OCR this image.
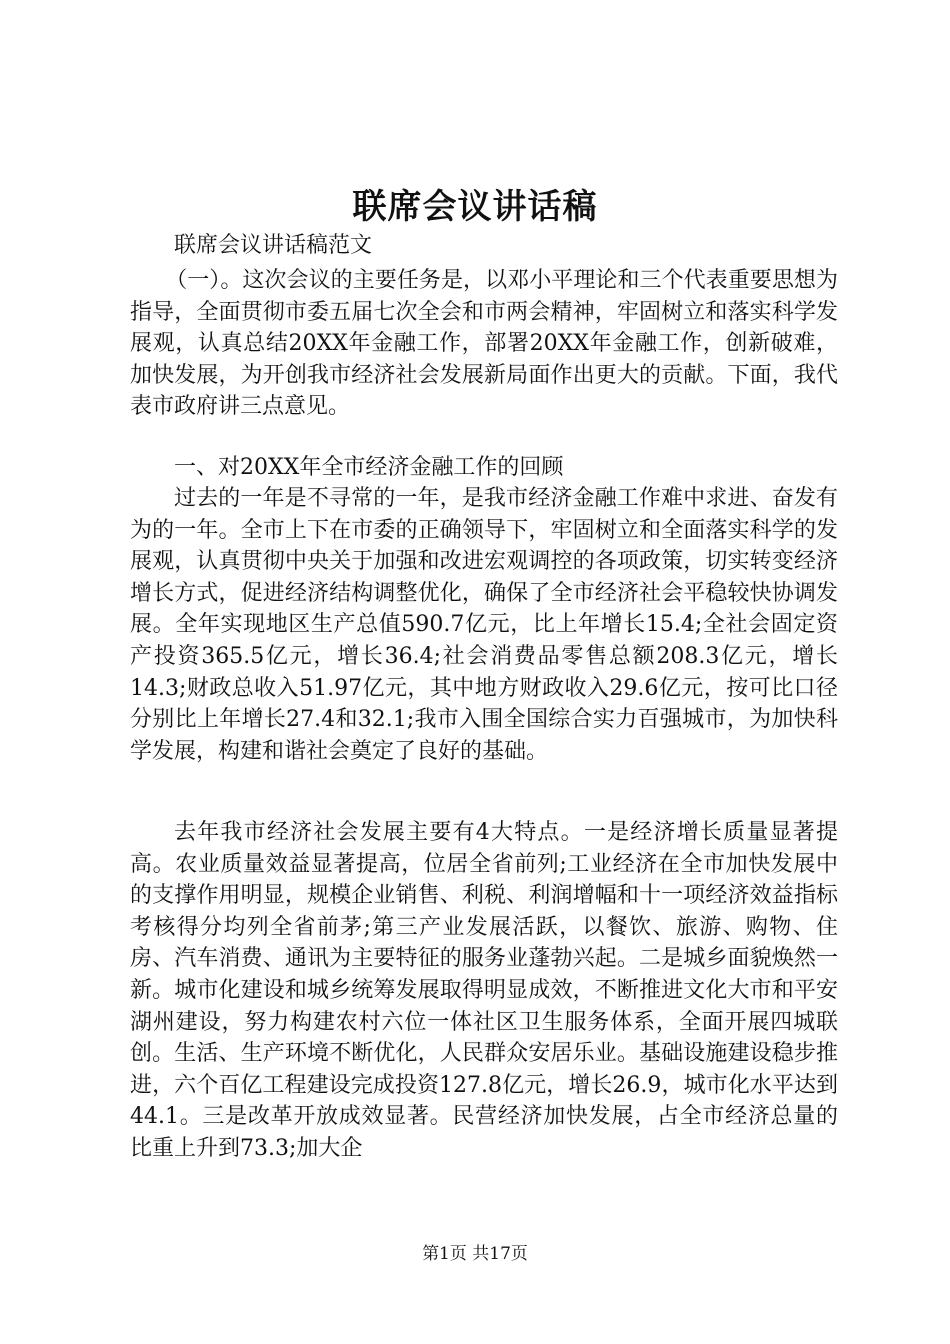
联席会议讲话稿

联席会议讲话稿范文

（一）。这次会议的主要任务是，以邓小平理论和三个代表重要思想为指导，全面贯彻市委五届七次全会和市两会精神，牢固树立和落实科学发展观，认真总结20XX年金融工作，部署20XX年金融工作，创新破难，加快发展，为开创我市经济社会发展新局面作出更大的贡献。下面，我代表市政府讲三点意见。

一、对20XX年全市经济金融工作的回顾

过去的一年是不寻常的一年，是我市经济金融工作难中求进、奋发有为的一年。全市上下在市委的正确领导下，牢固树立和全面落实科学的发展观，认真贯彻中央关于加强和改进宏观调控的各项政策，切实转变经济增长方式，促进经济结构调整优化，确保了全市经济社会平稳较快协调发展。全年实现地区生产总值590.7亿元，比上年增长15.4;全社会固定资产投资365.5亿元，增长36.4;社会消费品零售总额208.3亿元，增长14.3;财政总收入51.97亿元，其中地方财政收入29.6亿元，按可比口径分别比上年增长27.4和32.1;我市入围全国综合实力百强城市，为加快科学发展，构建和谐社会奠定了良好的基础。

去年我市经济社会发展主要有4大特点。一是经济增长质量显著提高。农业质量效益显著提高，位居全省前列;工业经济在全市加快发展中的支撑作用明显，规模企业销售、利税、利润增幅和十一项经济效益指标考核得分均列全省前茅;第三产业发展活跃，以餐饮、旅游、购物、住房、汽车消费、通讯为主要特征的服务业蓬勃兴起。二是城乡面貌焕然一新。城市化建设和城乡统筹发展取得明显成效，不断推进文化大市和平安湖州建设，努力构建农村六位一体社区卫生服务体系，全面开展四城联创。生活、生产环境不断优化，人民群众安居乐业。基础设施建设稳步推进，六个百亿工程建设完成投资127.8亿元，增长26.9，城市化水平达到44.1。三是改革开放成效显著。民营经济加快发展，占全市经济总量的比重上升到73.3;加大企

第1页 共17页
